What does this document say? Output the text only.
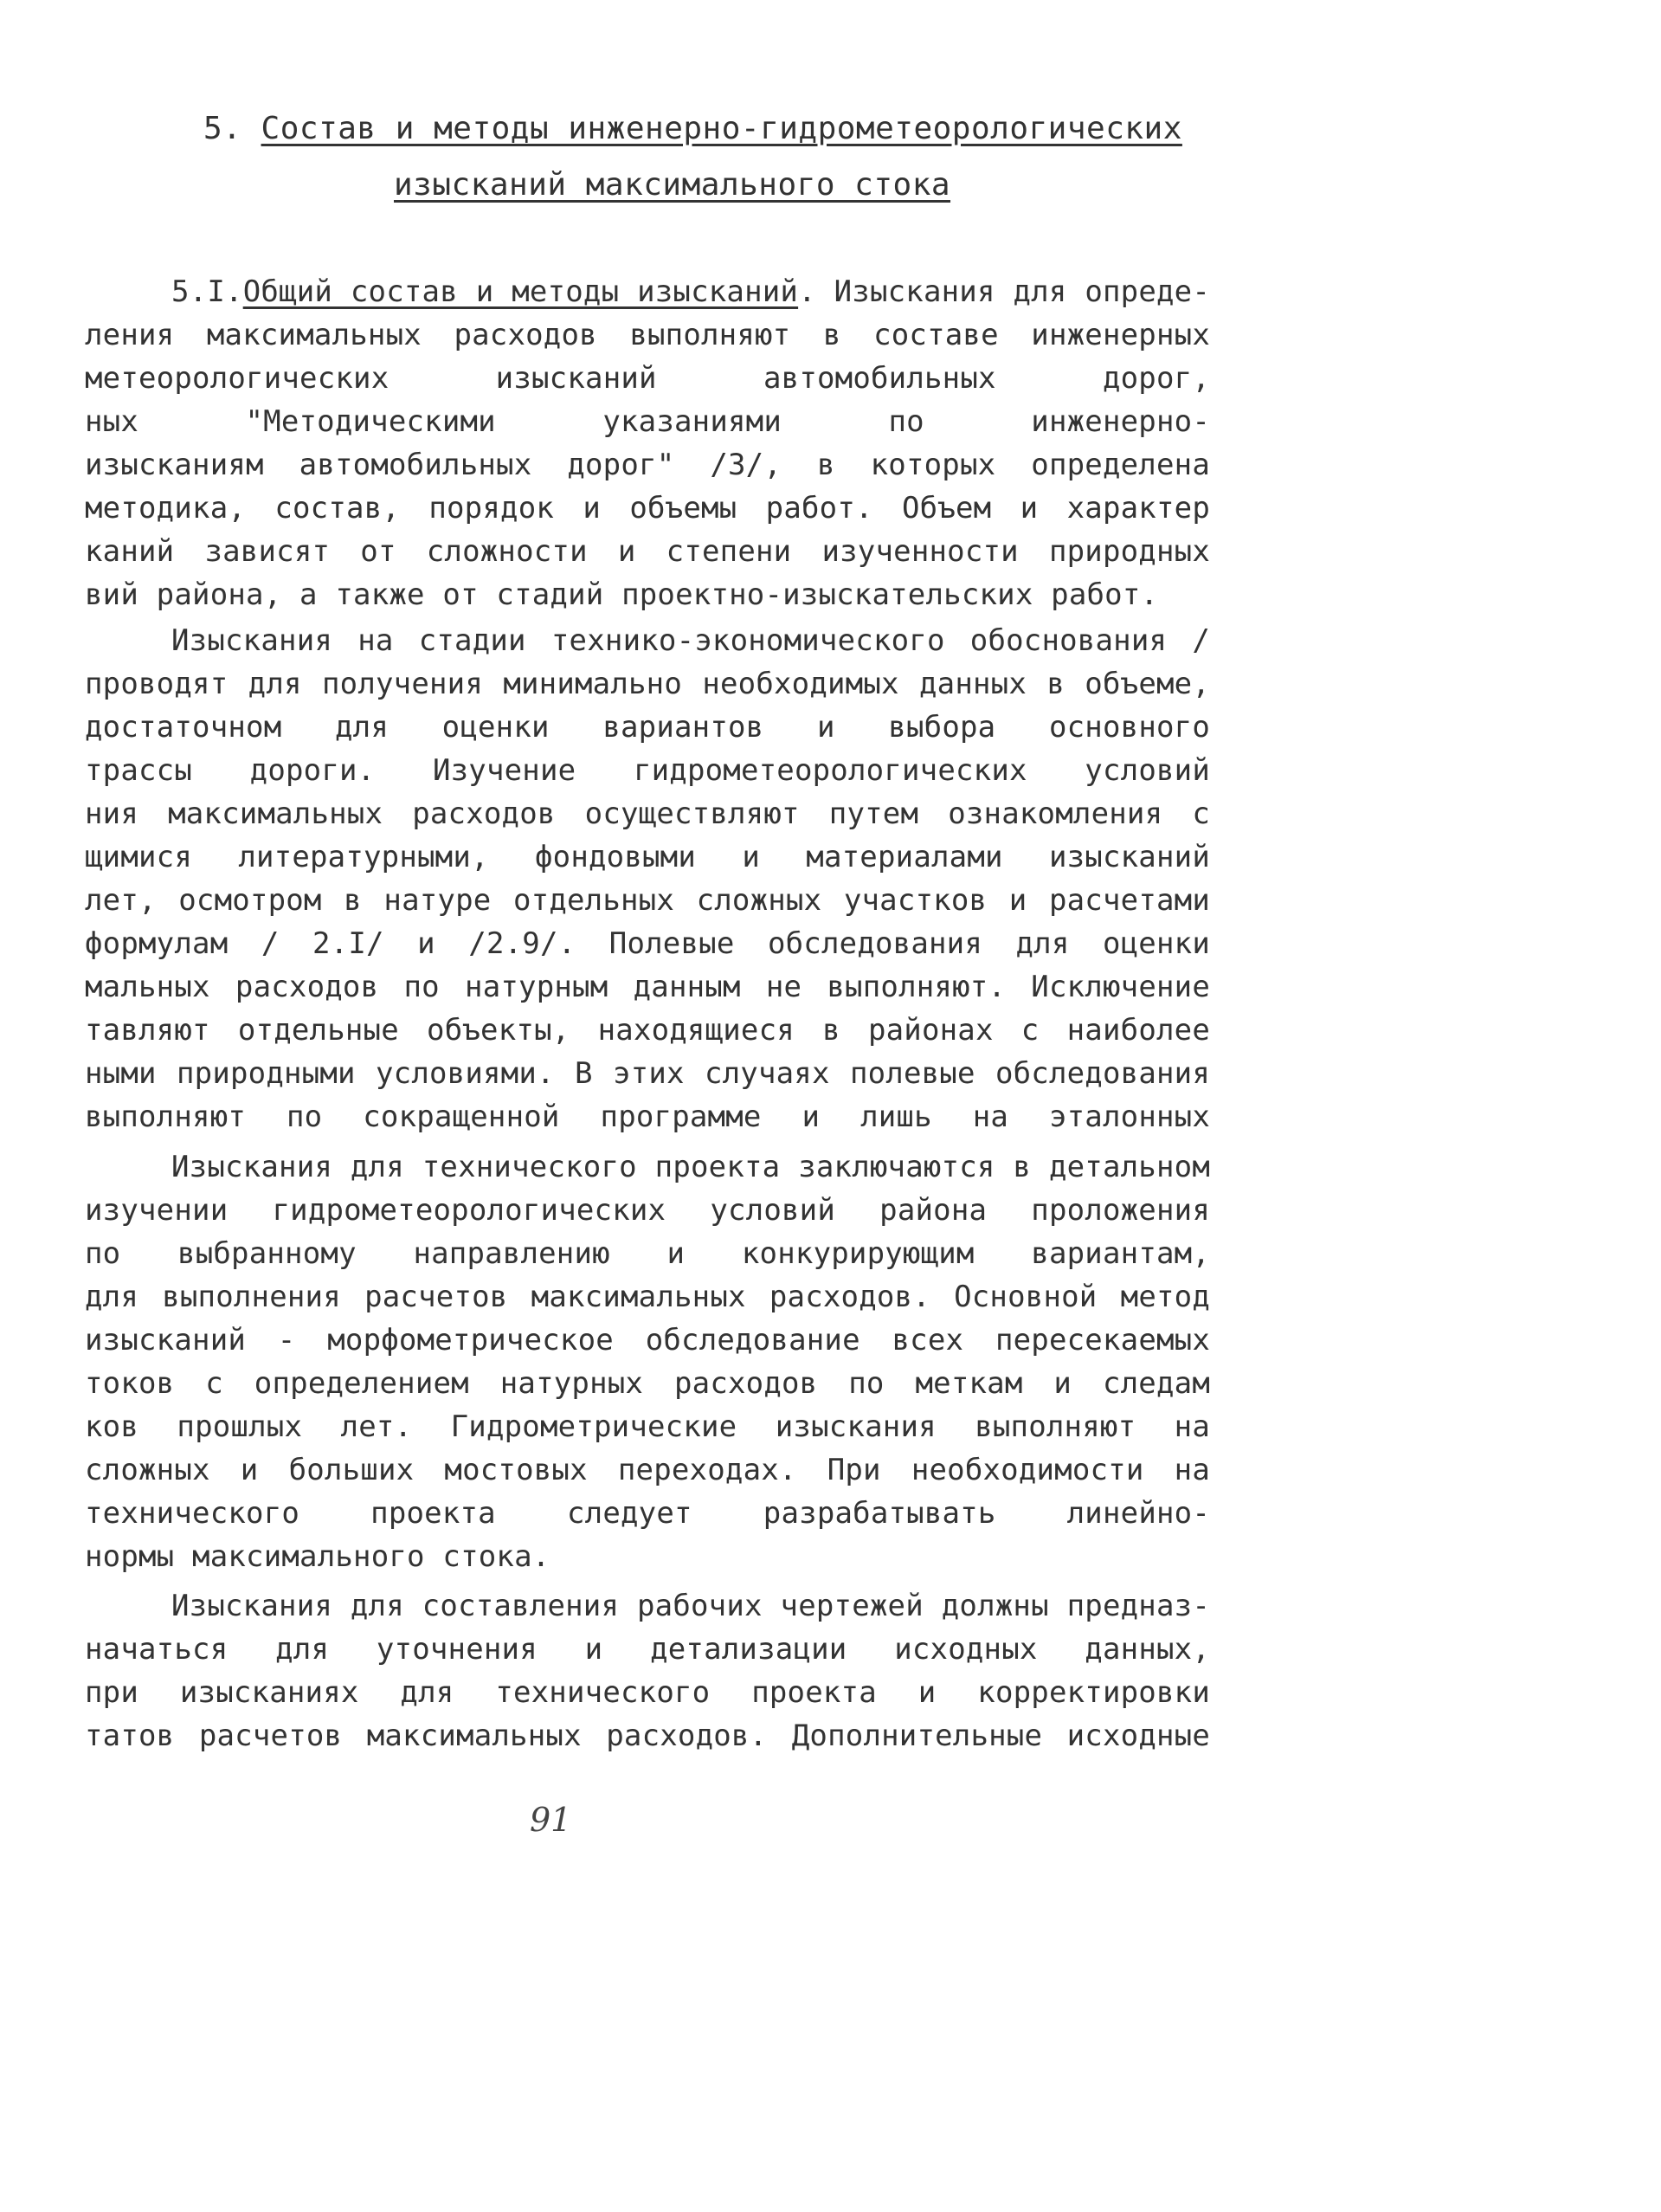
5. Состав и методы инженерно-гидрометеорологических
изысканий максимального стока
5.I.Общий состав и методы изысканий. Изыскания для опреде-
ления максимальных расходов выполняют в составе инженерных
метеорологических изысканий автомобильных дорог,
ных "Методическими указаниями по инженерно-
изысканиям автомобильных дорог" /3/, в которых определена
методика, состав, порядок и объемы работ. Объем и характер
каний зависят от сложности и степени изученности природных
вий района, а также от стадий проектно-изыскательских работ.
Изыскания на стадии технико-экономического обоснования /
проводят для получения минимально необходимых данных в объеме,
достаточном для оценки вариантов и выбора основного
трассы дороги. Изучение гидрометеорологических условий
ния максимальных расходов осуществляют путем ознакомления с
щимися литературными, фондовыми и материалами изысканий
лет, осмотром в натуре отдельных сложных участков и расчетами
формулам / 2.I/ и /2.9/. Полевые обследования для оценки
мальных расходов по натурным данным не выполняют. Исключение
тавляют отдельные объекты, находящиеся в районах с наиболее
ными природными условиями. В этих случаях полевые обследования
выполняют по сокращенной программе и лишь на эталонных
Изыскания для технического проекта заключаются в детальном
изучении гидрометеорологических условий района проложения
по выбранному направлению и конкурирующим вариантам,
для выполнения расчетов максимальных расходов. Основной метод
изысканий - морфометрическое обследование всех пересекаемых
токов с определением натурных расходов по меткам и следам
ков прошлых лет. Гидрометрические изыскания выполняют на
сложных и больших мостовых переходах. При необходимости на
технического проекта следует разрабатывать линейно-
нормы максимального стока.
Изыскания для составления рабочих чертежей должны предназ-
начаться для уточнения и детализации исходных данных,
при изысканиях для технического проекта и корректировки
татов расчетов максимальных расходов. Дополнительные исходные
91
